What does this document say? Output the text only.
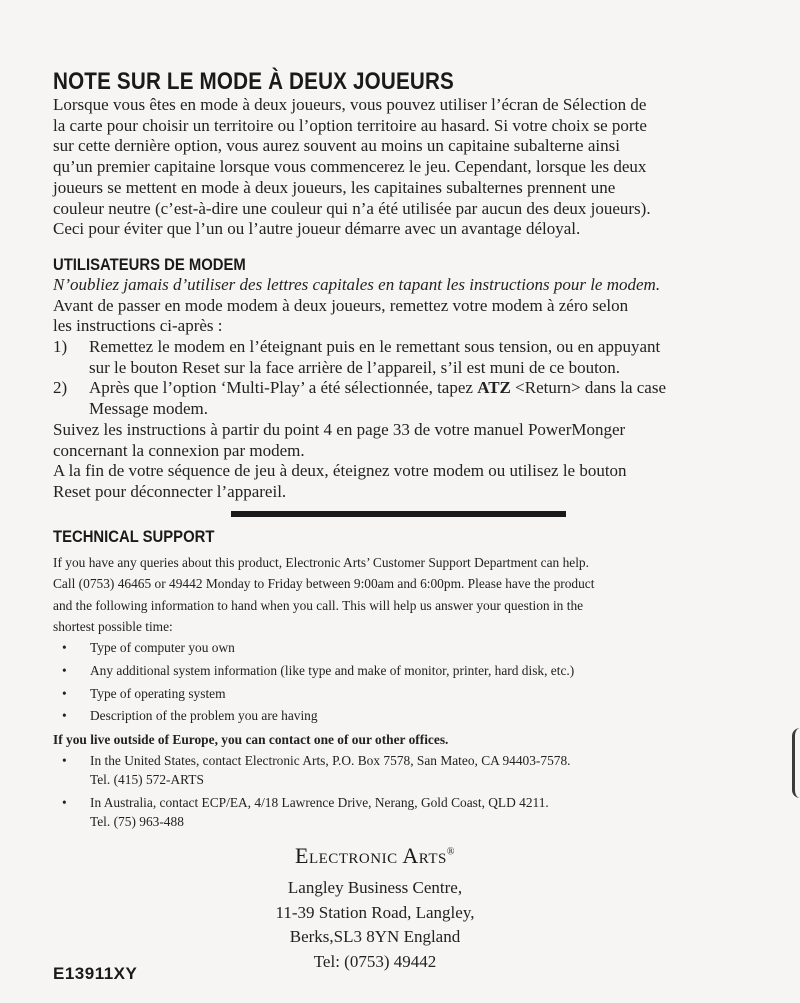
NOTE SUR LE MODE À DEUX JOUEURS
Lorsque vous êtes en mode à deux joueurs, vous pouvez utiliser l’écran de Sélection de
la carte pour choisir un territoire ou l’option territoire au hasard. Si votre choix se porte
sur cette dernière option, vous aurez souvent au moins un capitaine subalterne ainsi
qu’un premier capitaine lorsque vous commencerez le jeu. Cependant, lorsque les deux
joueurs se mettent en mode à deux joueurs, les capitaines subalternes prennent une
couleur neutre (c’est-à-dire une couleur qui n’a été utilisée par aucun des deux joueurs).
Ceci pour éviter que l’un ou l’autre joueur démarre avec un avantage déloyal.
UTILISATEURS DE MODEM
N’oubliez jamais d’utiliser des lettres capitales en tapant les instructions pour le modem.
Avant de passer en mode modem à deux joueurs, remettez votre modem à zéro selon
les instructions ci-après :
1) Remettez le modem en l’éteignant puis en le remettant sous tension, ou en appuyant
sur le bouton Reset sur la face arrière de l’appareil, s’il est muni de ce bouton.
2) Après que l’option ‘Multi-Play’ a été sélectionnée, tapez ATZ <Return> dans la case
Message modem.
Suivez les instructions à partir du point 4 en page 33 de votre manuel PowerMonger
concernant la connexion par modem.
A la fin de votre séquence de jeu à deux, éteignez votre modem ou utilisez le bouton
Reset pour déconnecter l’appareil.
TECHNICAL SUPPORT
If you have any queries about this product, Electronic Arts’ Customer Support Department can help.
Call (0753) 46465 or 49442 Monday to Friday between 9:00am and 6:00pm. Please have the product
and the following information to hand when you call. This will help us answer your question in the
shortest possible time:
• Type of computer you own
• Any additional system information (like type and make of monitor, printer, hard disk, etc.)
• Type of operating system
• Description of the problem you are having
If you live outside of Europe, you can contact one of our other offices.
• In the United States, contact Electronic Arts, P.O. Box 7578, San Mateo, CA 94403-7578.
Tel. (415) 572-ARTS
• In Australia, contact ECP/EA, 4/18 Lawrence Drive, Nerang, Gold Coast, QLD 4211.
Tel. (75) 963-488
Electronic Arts®
Langley Business Centre,
11-39 Station Road, Langley,
Berks,SL3 8YN England
Tel: (0753) 49442
E13911XY
